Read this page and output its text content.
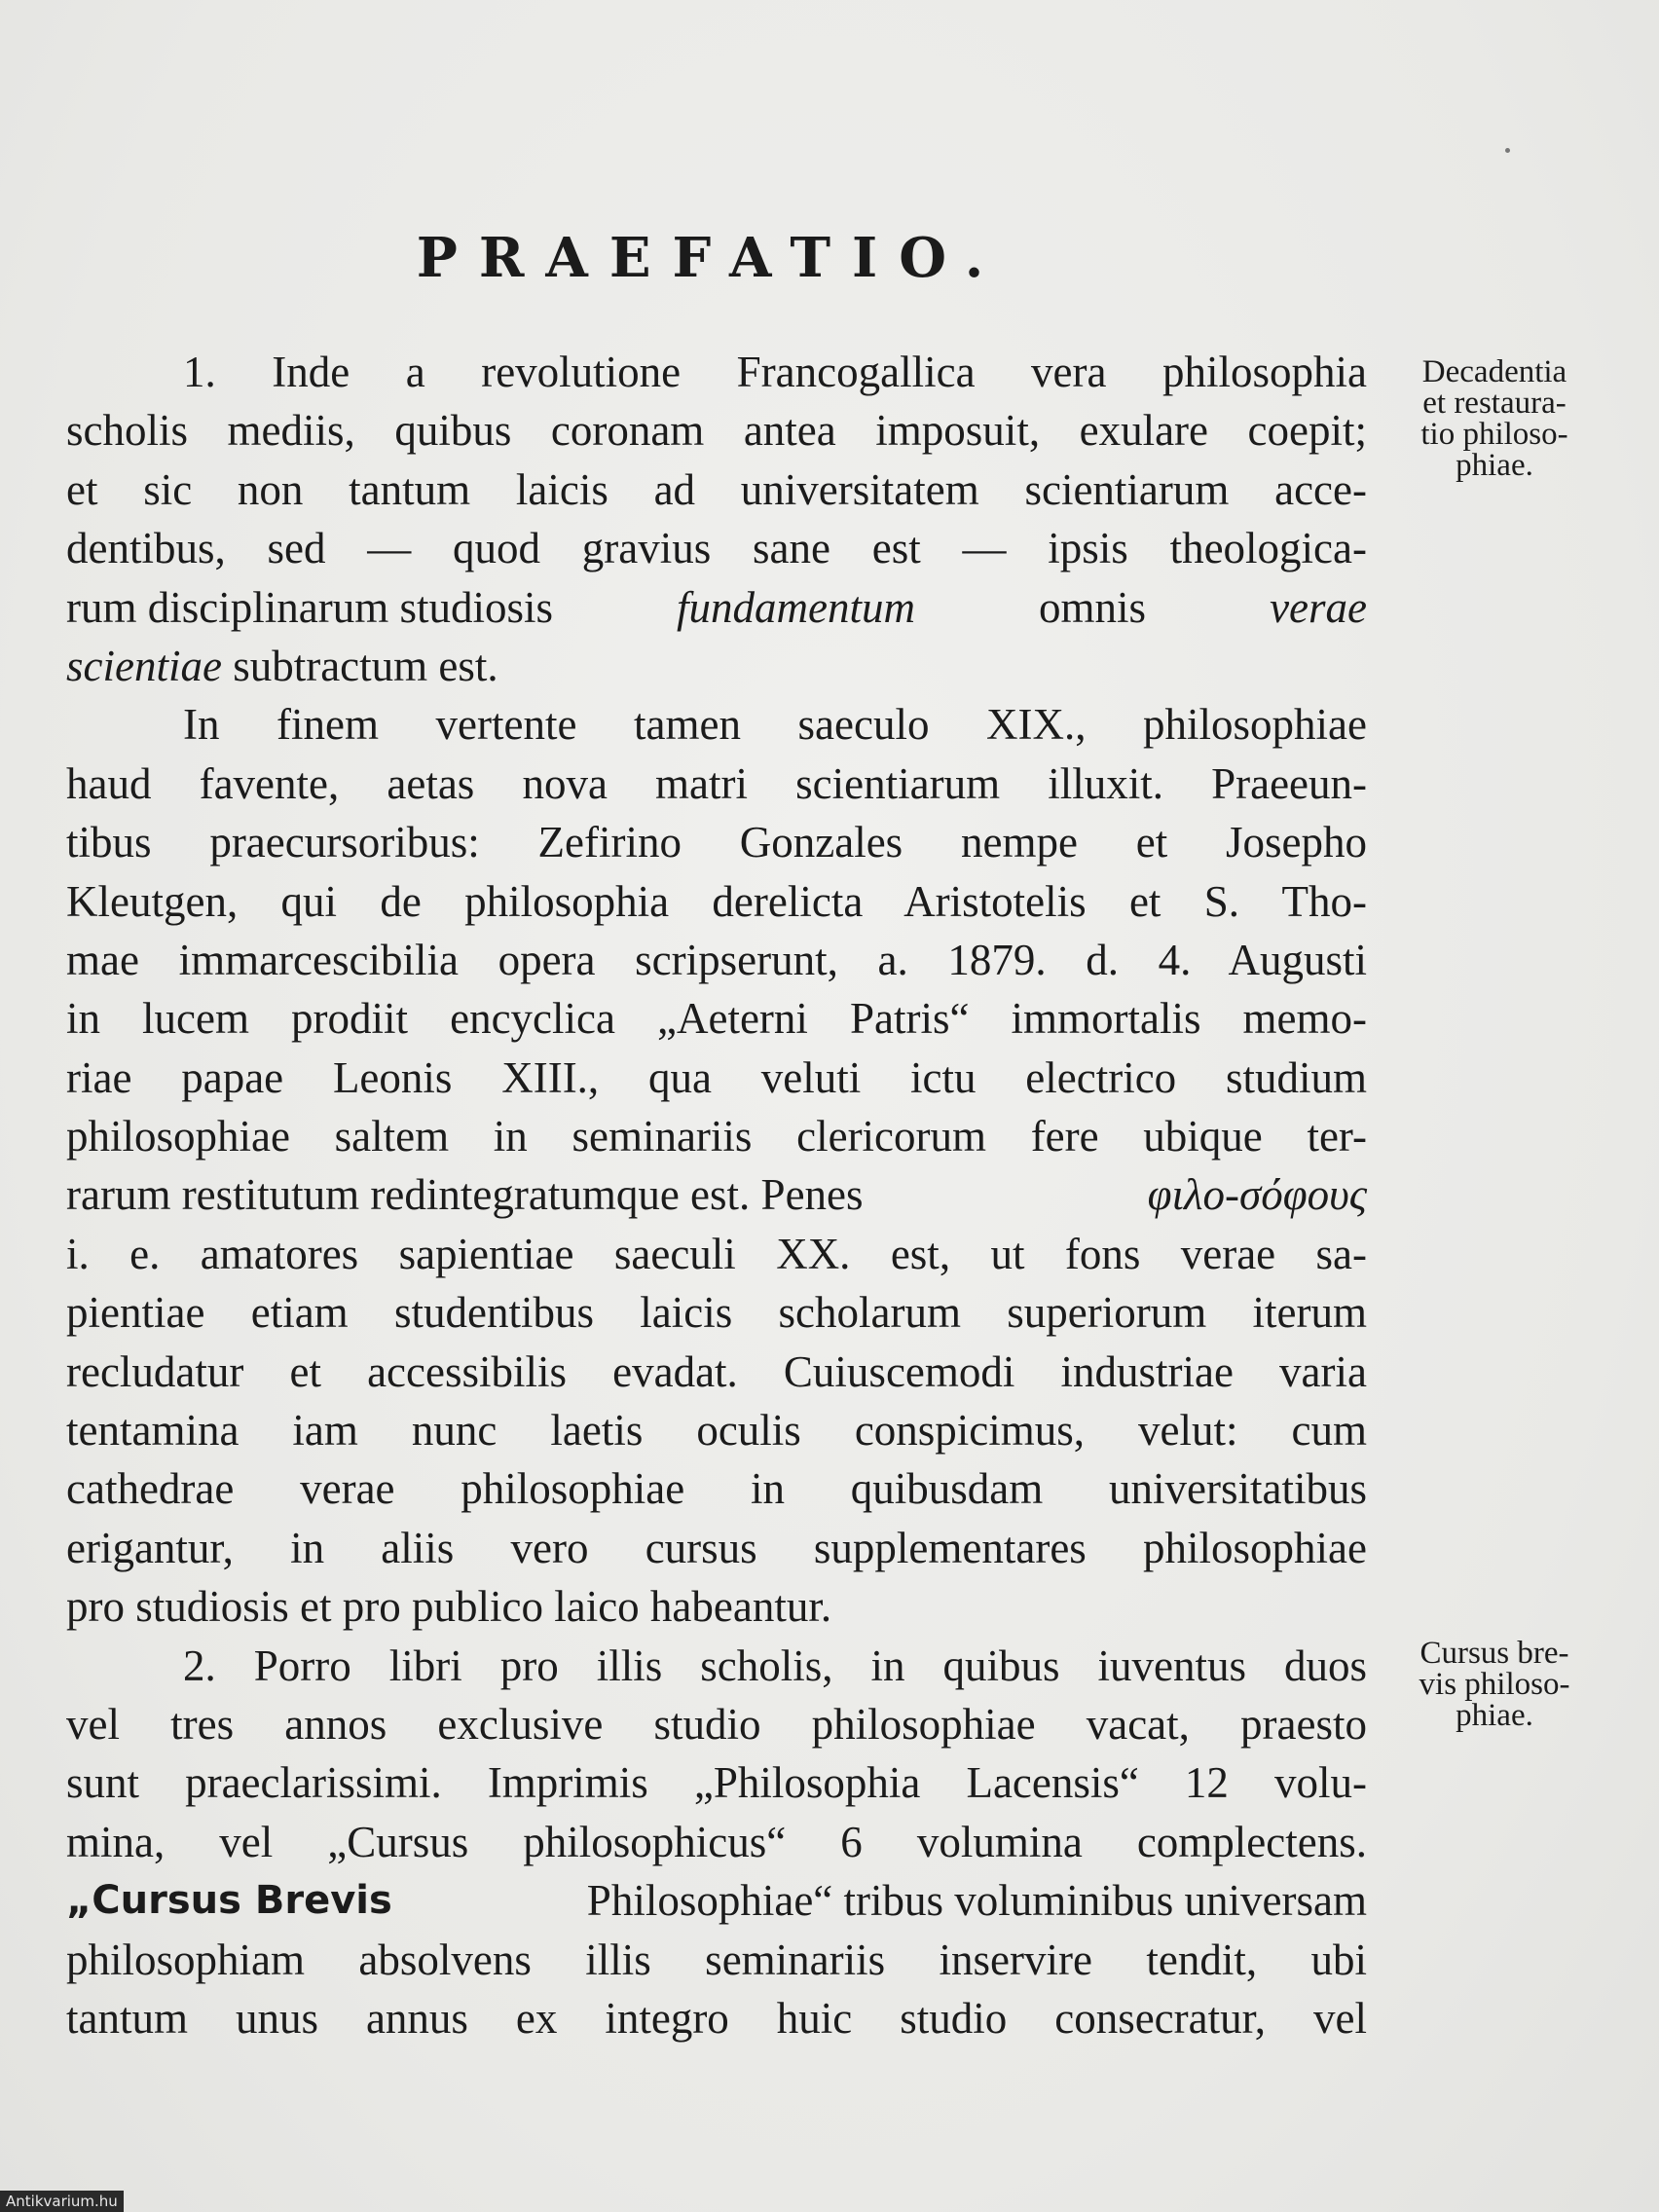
PRAEFATIO.
1. Inde a revolutione Francogallica vera philosophia
scholis mediis, quibus coronam antea imposuit, exulare coepit;
et sic non tantum laicis ad universitatem scientiarum acce-
dentibus, sed — quod gravius sane est — ipsis theologica-
rum disciplinarum studiosis	fundamentum	omnis	verae
scientiae subtractum est.
In finem vertente tamen saeculo XIX., philosophiae
haud favente, aetas nova matri scientiarum illuxit. Praeeun-
tibus praecursoribus: Zefirino Gonzales nempe et Josepho
Kleutgen, qui de philosophia derelicta Aristotelis et S. Tho-
mae immarcescibilia opera scripserunt, a. 1879. d. 4. Augusti
in lucem prodiit encyclica „Aeterni Patris“ immortalis memo-
riae papae Leonis XIII., qua veluti ictu electrico studium
philosophiae saltem in seminariis clericorum fere ubique ter-
rarum restitutum redintegratumque est. Penes	φιλο-σόφους
i. e. amatores sapientiae saeculi XX. est, ut fons verae sa-
pientiae etiam studentibus laicis scholarum superiorum iterum
recludatur et accessibilis evadat. Cuiuscemodi industriae varia
tentamina iam nunc laetis oculis conspicimus, velut: cum
cathedrae verae philosophiae in quibusdam universitatibus
erigantur, in aliis vero cursus supplementares philosophiae
pro studiosis et pro publico laico habeantur.
2. Porro libri pro illis scholis, in quibus iuventus duos
vel tres annos exclusive studio philosophiae vacat, praesto
sunt praeclarissimi. Imprimis „Philosophia Lacensis“ 12 volu-
mina, vel „Cursus philosophicus“ 6 volumina complectens.
„Cursus Brevis	Philosophiae“ tribus voluminibus universam
philosophiam absolvens illis seminariis inservire tendit, ubi
tantum unus annus ex integro huic studio consecratur, vel
Decadentia
et restaura-
tio philoso-
phiae.
Cursus bre-
vis philoso-
phiae.
Antikvarium.hu
